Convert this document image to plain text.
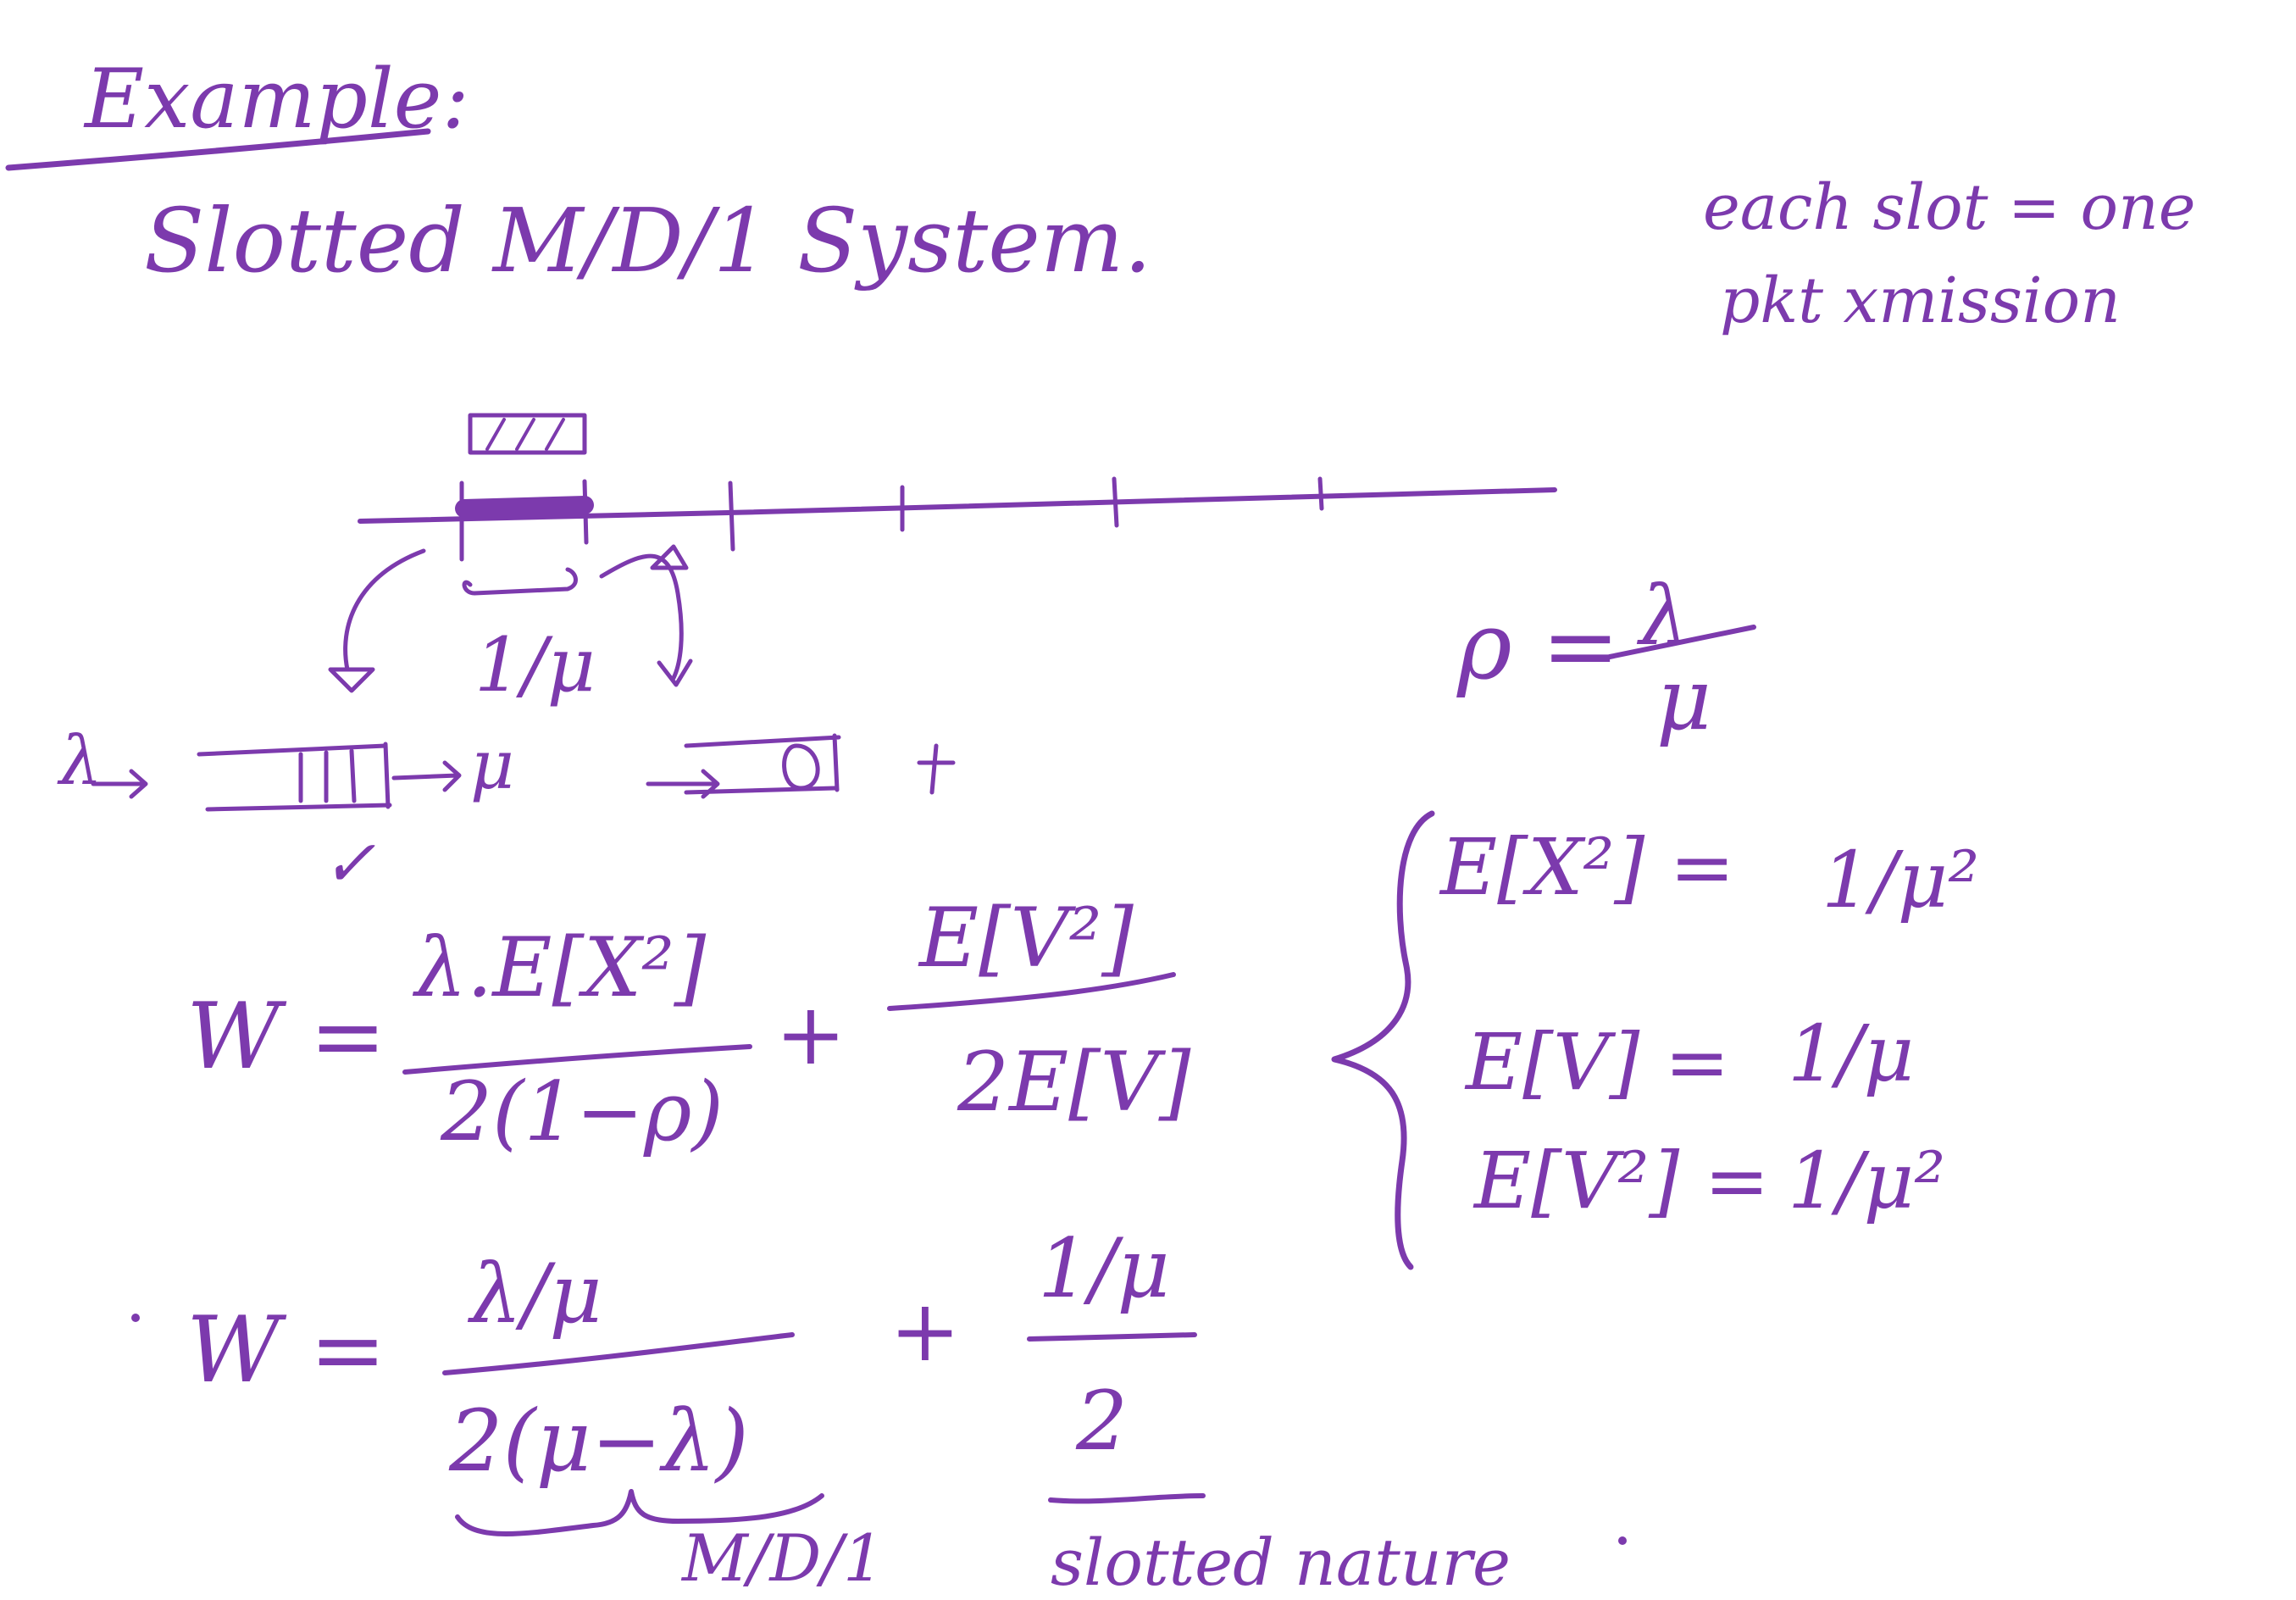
Example:
Slotted M/D/1 System.	each slot = one
pkt xmission
1/μ
λ	μ
✓
ρ = λ
μ
E[X²] = 1/μ²
E[V] = 1/μ
E[V²] = 1/μ²
W =
λ.E[X²]
2(1−ρ)
+
E[V²]
2E[V]
W =
λ/μ
2(μ−λ)
+
1/μ
2
M/D/1	slotted nature
